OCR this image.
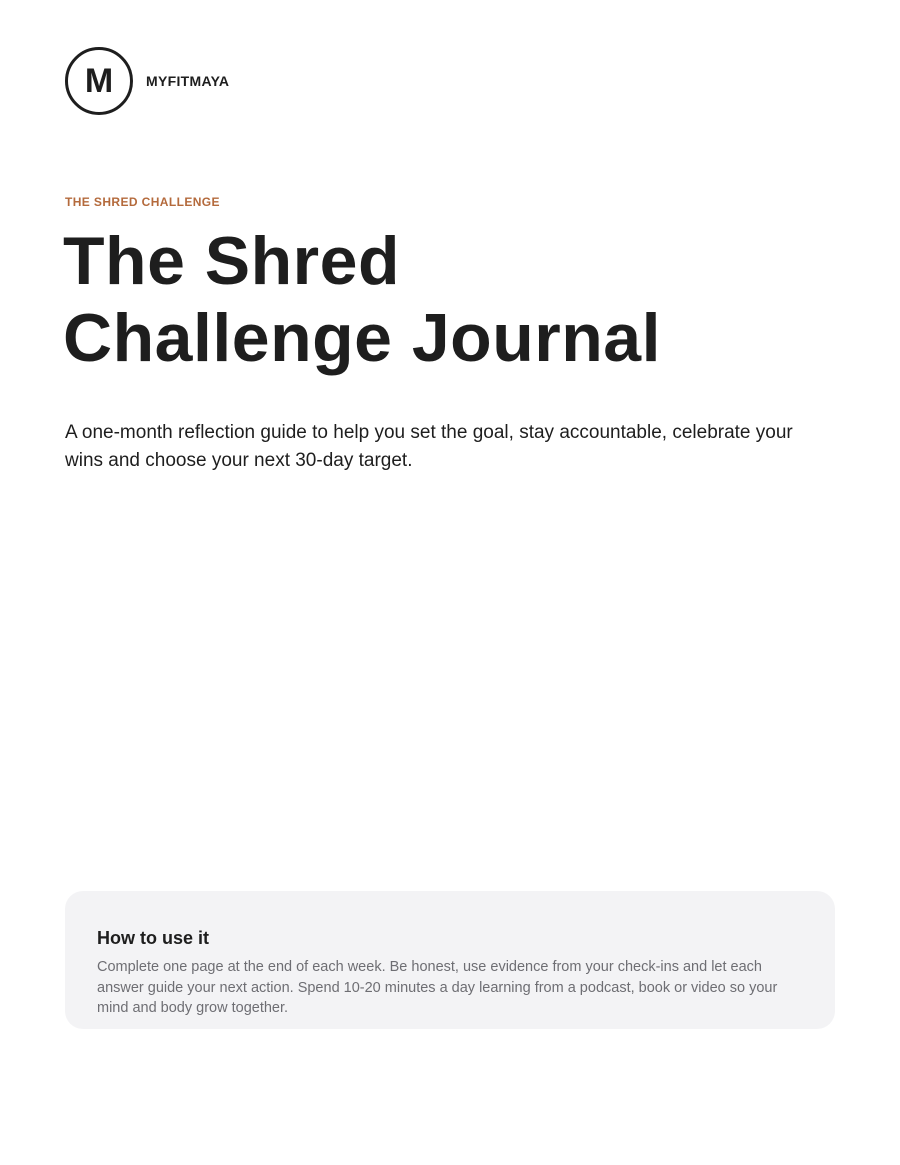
M MYFITMAYA
THE SHRED CHALLENGE
The Shred
Challenge Journal

A one-month reflection guide to help you set the goal, stay accountable, celebrate your wins and choose your next 30-day target.

How to use it

Complete one page at the end of each week. Be honest, use evidence from your check-ins and let each answer guide your next action. Spend 10-20 minutes a day learning from a podcast, book or video so your mind and body grow together.
